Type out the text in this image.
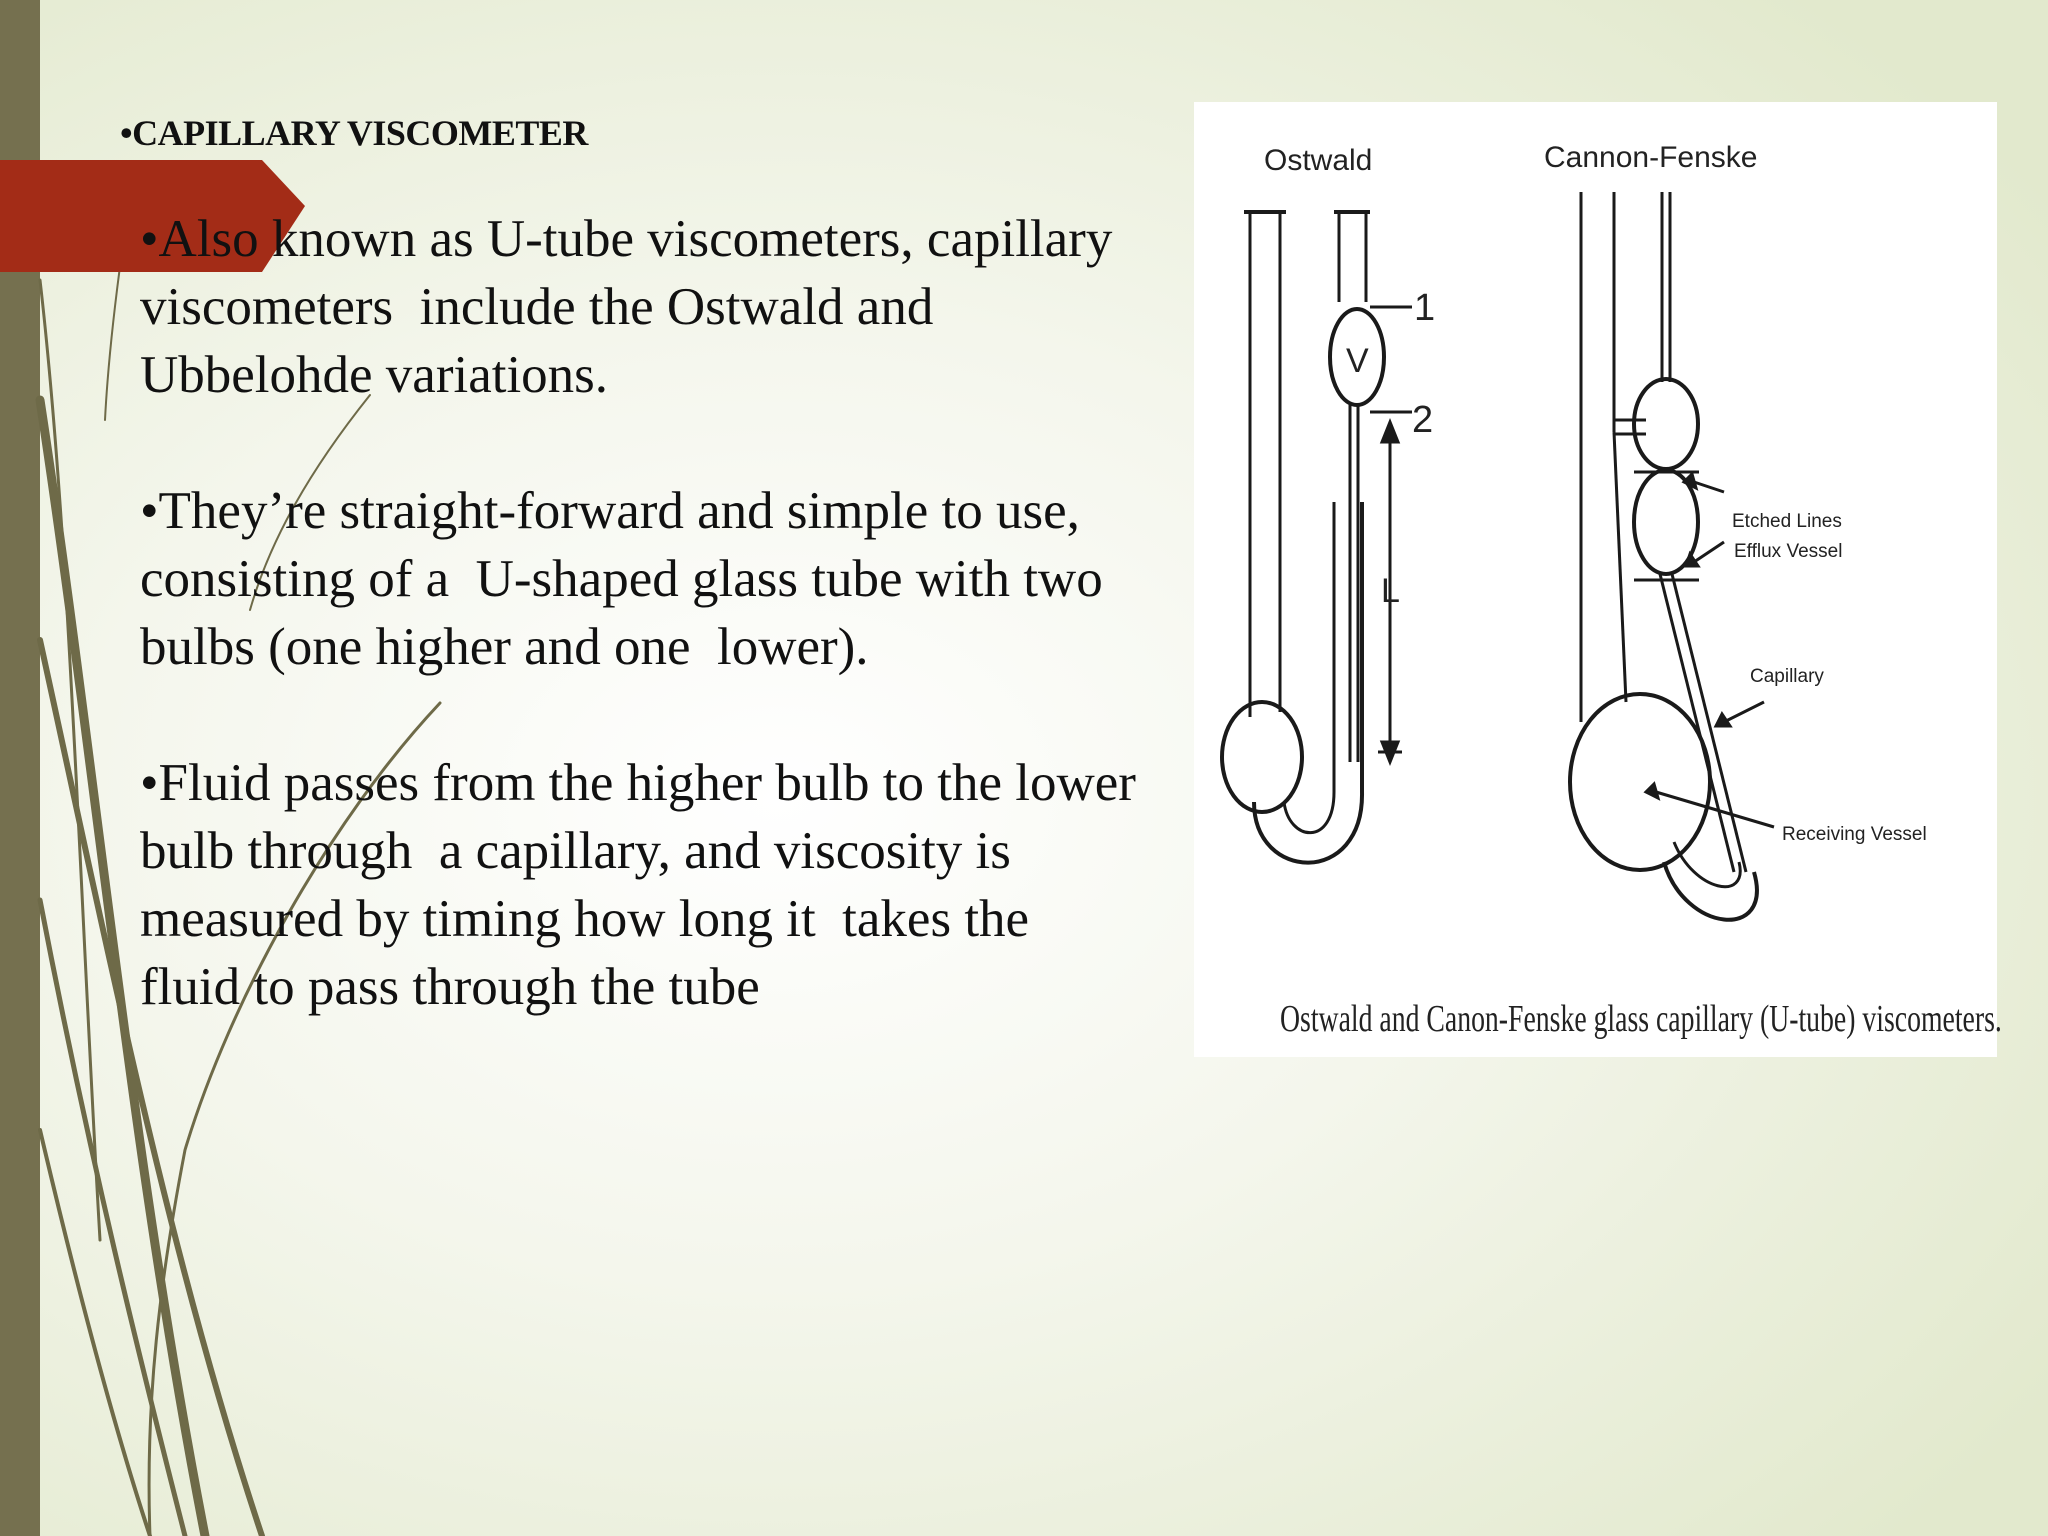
•CAPILLARY VISCOMETER

•Also known as U-tube viscometers, capillary
viscometers  include the Ostwald and
Ubbelohde variations.

•They’re straight-forward and simple to use,
consisting of a  U-shaped glass tube with two
bulbs (one higher and one  lower).

•Fluid passes from the higher bulb to the lower
bulb through  a capillary, and viscosity is
measured by timing how long it  takes the
fluid to pass through the tube

Ostwald	Cannon-Fenske
1
2
V
L
Etched Lines
Efflux Vessel
Capillary
Receiving Vessel
Ostwald and Canon-Fenske glass capillary (U-tube) viscometers.
